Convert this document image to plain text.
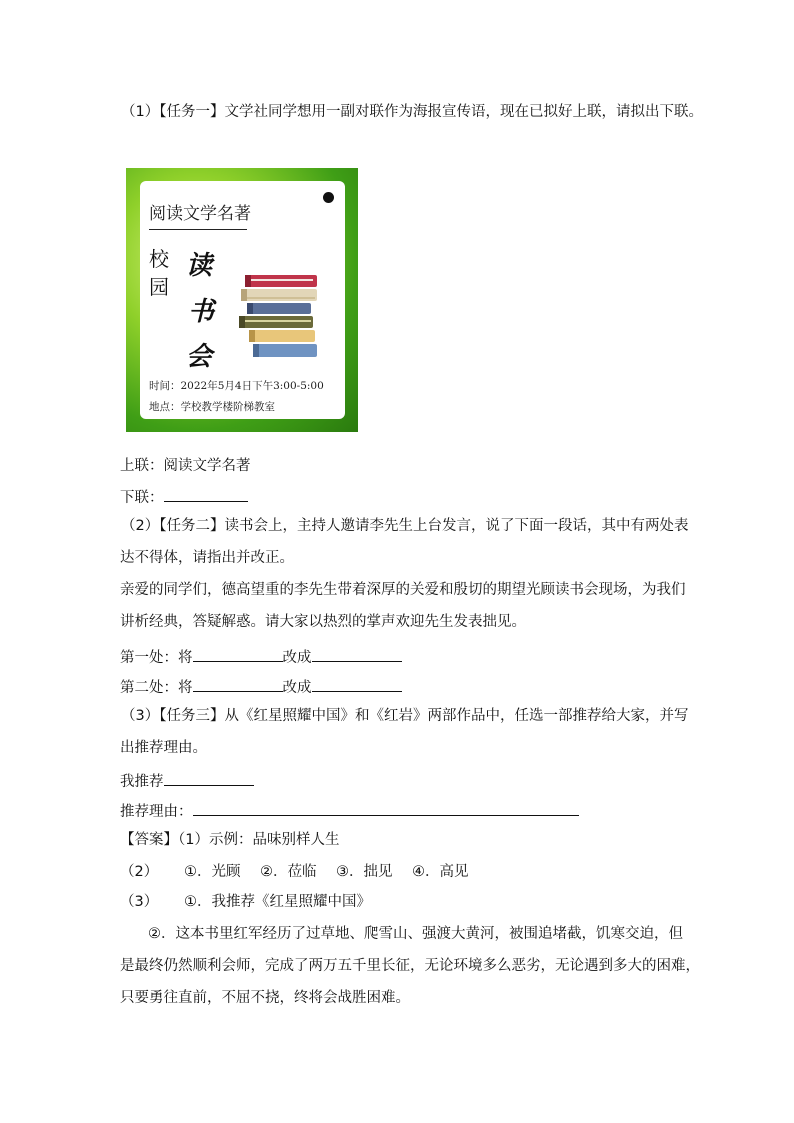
（1）【任务一】文学社同学想用一副对联作为海报宣传语，现在已拟好上联，请拟出下联。
阅读文学名著
校
园
读
书
会
时间：2022年5月4日下午3:00-5:00
地点：学校教学楼阶梯教室
上联：阅读文学名著
下联：
（2）【任务二】读书会上，主持人邀请李先生上台发言，说了下面一段话，其中有两处表
达不得体，请指出并改正。
亲爱的同学们，德高望重的李先生带着深厚的关爱和殷切的期望光顾读书会现场，为我们
讲析经典，答疑解惑。请大家以热烈的掌声欢迎先生发表拙见。
第一处：将	改成
第二处：将	改成
（3）【任务三】从《红星照耀中国》和《红岩》两部作品中，任选一部推荐给大家，并写
出推荐理由。
我推荐
推荐理由：
【答案】（1）示例：品味别样人生
（2） ①．光顾 ②．莅临 ③．拙见 ④．高见
（3） ①．我推荐《红星照耀中国》
②．这本书里红军经历了过草地、爬雪山、强渡大黄河，被围追堵截，饥寒交迫，但
是最终仍然顺利会师，完成了两万五千里长征，无论环境多么恶劣，无论遇到多大的困难，
只要勇往直前，不屈不挠，终将会战胜困难。
